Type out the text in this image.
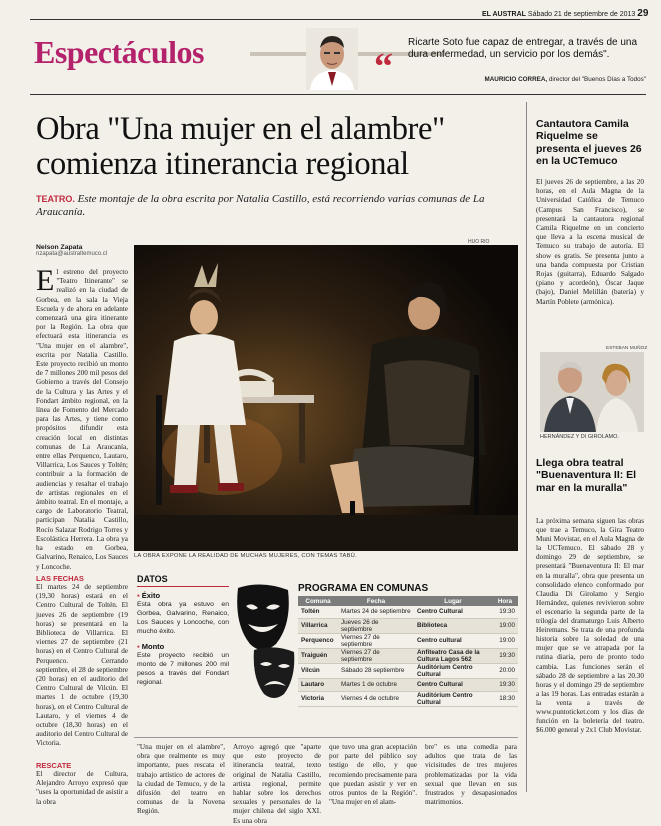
EL AUSTRAL Sábado 21 de septiembre de 2013 29
Espectáculos	“
Ricarte Soto fue capaz de entregar, a través de una dura enfermedad, un servicio por los demás".
MAURICIO CORREA, director del "Buenos Días a Todos"
Obra "Una mujer en el alambre" comienza itinerancia regional
TEATRO. Este montaje de la obra escrita por Natalia Castillo, está recorriendo varias comunas de La Araucanía.
Nelson Zapata
nzapata@australtemuco.cl
E l estreno del proyecto "Teatro Itinerante" se realizó en la ciudad de Gorbea, en la sala la Vieja Escuela y de ahora en adelante comenzará una gira itinerante por la Región. La obra que efectuará esta itinerancia es "Una mujer en el alambre", escrita por Natalia Castillo. Este proyecto recibió un monto de 7 millones 200 mil pesos del Gobierno a través del Consejo de la Cultura y las Artes y el Fondart ámbito regional, en la línea de Fomento del Mercado para las Artes, y tiene como propósitos difundir esta creación local en distintas comunas de La Araucanía, entre ellas Perquenco, Lautaro, Villarrica, Los Sauces y Toltén; contribuir a la formación de audiencias y resaltar el trabajo de artistas regionales en el ámbito teatral. En el montaje, a cargo de Laboratorio Teatral, participan Natalia Castillo, Rocío Salazar Rodrigo Torres y Escolástica Herrera. La obra ya ha estado en Gorbea, Galvarino, Renaico, Los Sauces y Loncoche.

LAS FECHAS

El martes 24 de septiembre (19,30 horas) estará en el Centro Cultural de Toltén. El jueves 26 de septiembre (19 horas) se presentará en la Biblioteca de Villarrica. El viernes 27 de septiembre (21 horas) en el Centro Cultural de Perquenco. Cerrando septiembre, el 28 de septiembre (20 horas) en el auditorio del Centro Cultural de Vilcún. El martes 1 de octubre (19,30 horas), en el Centro Cultural de Lautaro, y el viernes 4 de octubre (18,30 horas) en el auditorio del Centro Cultural de Victoria.

RESCATE

El director de Cultura, Alejandro Arroyo expresó que "uses la oportunidad de asistir a la obra

HUO RIO
LA OBRA EXPONE LA REALIDAD DE MUCHAS MUJERES, CON TEMAS TABÚ.
DATOS
▪ Éxito

Esta obra ya estuvo en Gorbea, Galvarino, Renaico, Los Sauces y Loncoche, con mucho éxito.

▪ Monto

Este proyecto recibió un monto de 7 millones 200 mil pesos a través del Fondart regional.

PROGRAMA EN COMUNAS
Comuna	Fecha	Lugar	Hora
Toltén	Martes 24 de septiembre	Centro Cultural	19:30
Villarrica	Jueves 26 de septiembre	Biblioteca	19:00
Perquenco	Viernes 27 de septiembre	Centro cultural	19:00
Traiguén	Viernes 27 de septiembre	Anfiteatro Casa de la Cultura Lagos 562	19:30
Vilcún	Sábado 28 septiembre	Auditórium Centro Cultural	20:00
Lautaro	Martes 1 de octubre	Centro Cultural	19:30
Victoria	Viernes 4 de octubre	Auditórium Centro Cultural	18:30

"Una mujer en el alambre", obra que realmente es muy importante, pues rescata el trabajo artístico de actores de la ciudad de Temuco, y de la difusión del teatro en comunas de la Novena Región.

Arroyo agregó que "aparte que este proyecto de itinerancia teatral, texto original de Natalia Castillo, artista regional, permite hablar sobre los derechos sexuales y personales de la mujer chilena del siglo XXI. Es una obra

que tuvo una gran aceptación por parte del público soy testigo de ello, y que recomiendo precisamente para que puedan asistir y ver en otros puntos de la Región". "Una mujer en el alam-

bre" es una comedia para adultos que trata de las vicisitudes de tres mujeres problematizadas por la vida sexual que llevan en sus frustrados y desapasionados matrimonios.

Cantautora Camila Riquelme se presenta el jueves 26 en la UCTemuco

El jueves 26 de septiembre, a las 20 horas, en el Aula Magna de la Universidad Católica de Temuco (Campus San Francisco), se presentará la cantautora regional Camila Riquelme en un concierto que lleva a la escena musical de Temuco su trabajo de autoría. El show es gratis. Se presenta junto a una banda compuesta por Cristian Rojas (guitarra), Eduardo Salgado (piano y acordeón), Óscar Jaque (bajo), Daniel Melillán (batería) y Martín Poblete (armónica).

ESTEBAN MUÑOZ
HERNÁNDEZ Y DI GIROLAMO.
Llega obra teatral "Buenaventura II: El mar en la muralla"

La próxima semana siguen las obras que trae a Temuco, la Gira Teatro Muni Movistar, en el Aula Magna de la UCTemuco. El sábado 28 y domingo 29 de septiembre, se presentará "Buenaventura II: El mar en la muralla", obra que presenta un consolidado elenco conformado por Claudia Di Girolamo y Sergio Hernández, quienes revivieron sobre el escenario la segunda parte de la trilogía del dramaturgo Luis Alberto Heiremans. Se trata de una profunda historia sobre la soledad de una mujer que se ve atrapada por la rutina diaria, pero de pronto todo cambia. Las funciones serán el sábado 28 de septiembre a las 20.30 horas y el domingo 29 de septiembre a las 19 horas. Las entradas estarán a la venta a través de www.puntoticket.com y los días de función en la boletería del teatro. $6.000 general y 2x1 Club Movistar.
